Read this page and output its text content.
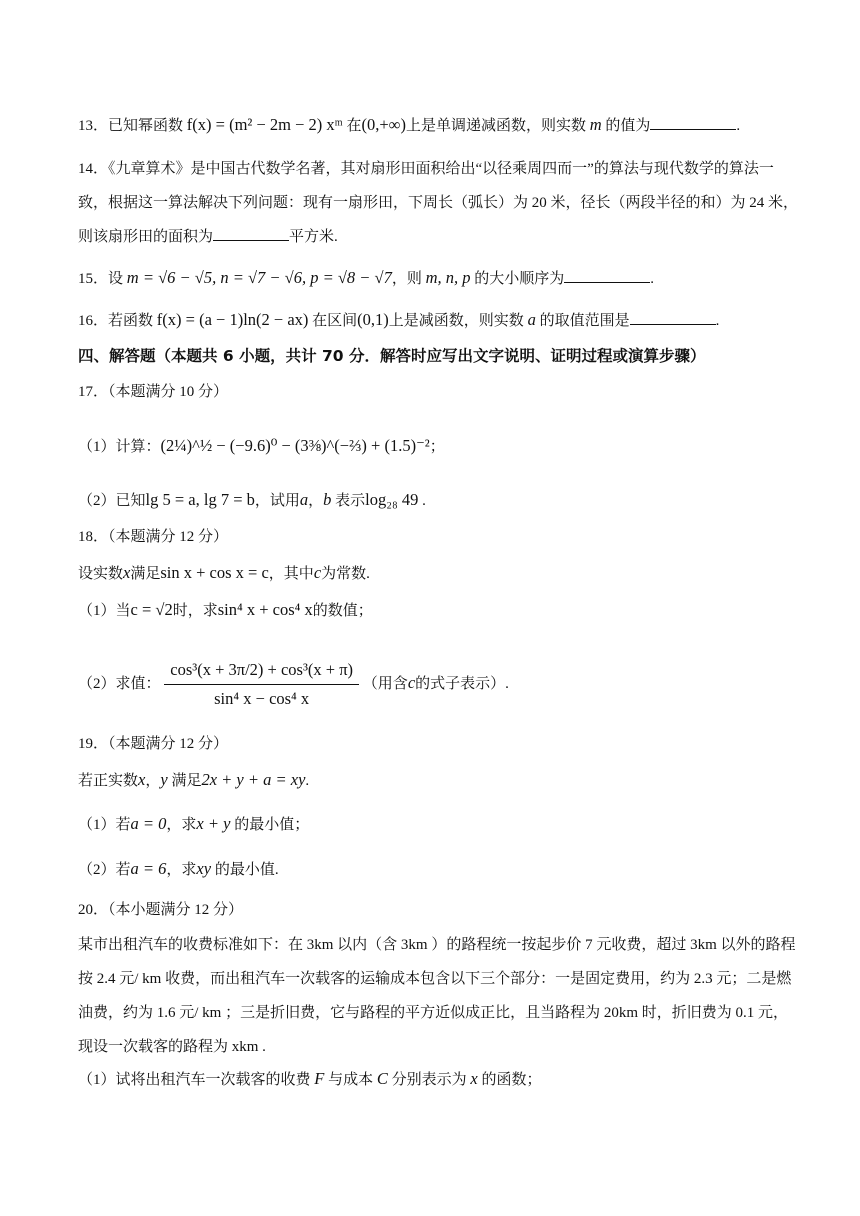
13．已知幂函数 f(x) = (m² − 2m − 2) xᵐ 在(0,+∞)上是单调递减函数，则实数 m 的值为	.
14．《九章算术》是中国古代数学名著，其对扇形田面积给出“以径乘周四而一”的算法与现代数学的算法一致，根据这一算法解决下列问题：现有一扇形田，下周长（弧长）为 20 米，径长（两段半径的和）为 24 米，则该扇形田的面积为	平方米.
15．设 m = √6 − √5, n = √7 − √6, p = √8 − √7，则 m, n, p 的大小顺序为	.
16．若函数 f(x) = (a − 1)ln(2 − ax) 在区间(0,1)上是减函数，则实数 a 的取值范围是	.
四、解答题（本题共 6 小题，共计 70 分．解答时应写出文字说明、证明过程或演算步骤）
17．（本题满分 10 分）
（1）计算：(2¼)^½ − (−9.6)⁰ − (3⅜)^(−⅔) + (1.5)⁻²；
（2）已知lg 5 = a, lg 7 = b，试用a，b 表示log₂₈ 49 .
18．（本题满分 12 分）
设实数x满足sin x + cos x = c，其中c为常数.
（1）当c = √2时，求sin⁴ x + cos⁴ x的数值；
（2）求值： $\frac{\text{cos³(x + 3π/2) + cos³(x + π)}}{\text{sin⁴ x − cos⁴ x}}$ （用含c的式子表示）.
19．（本题满分 12 分）
若正实数x，y 满足2x + y + a = xy.
（1）若a = 0，求x + y 的最小值；
（2）若a = 6，求xy 的最小值.
20．（本小题满分 12 分）
某市出租汽车的收费标准如下：在 3km 以内（含 3km ）的路程统一按起步价 7 元收费，超过 3km 以外的路程按 2.4 元/ km 收费，而出租汽车一次载客的运输成本包含以下三个部分：一是固定费用，约为 2.3 元；二是燃油费，约为 1.6 元/ km ；三是折旧费，它与路程的平方近似成正比，且当路程为 20km 时，折旧费为 0.1 元，现设一次载客的路程为 xkm .
（1）试将出租汽车一次载客的收费 F 与成本 C 分别表示为 x 的函数；
